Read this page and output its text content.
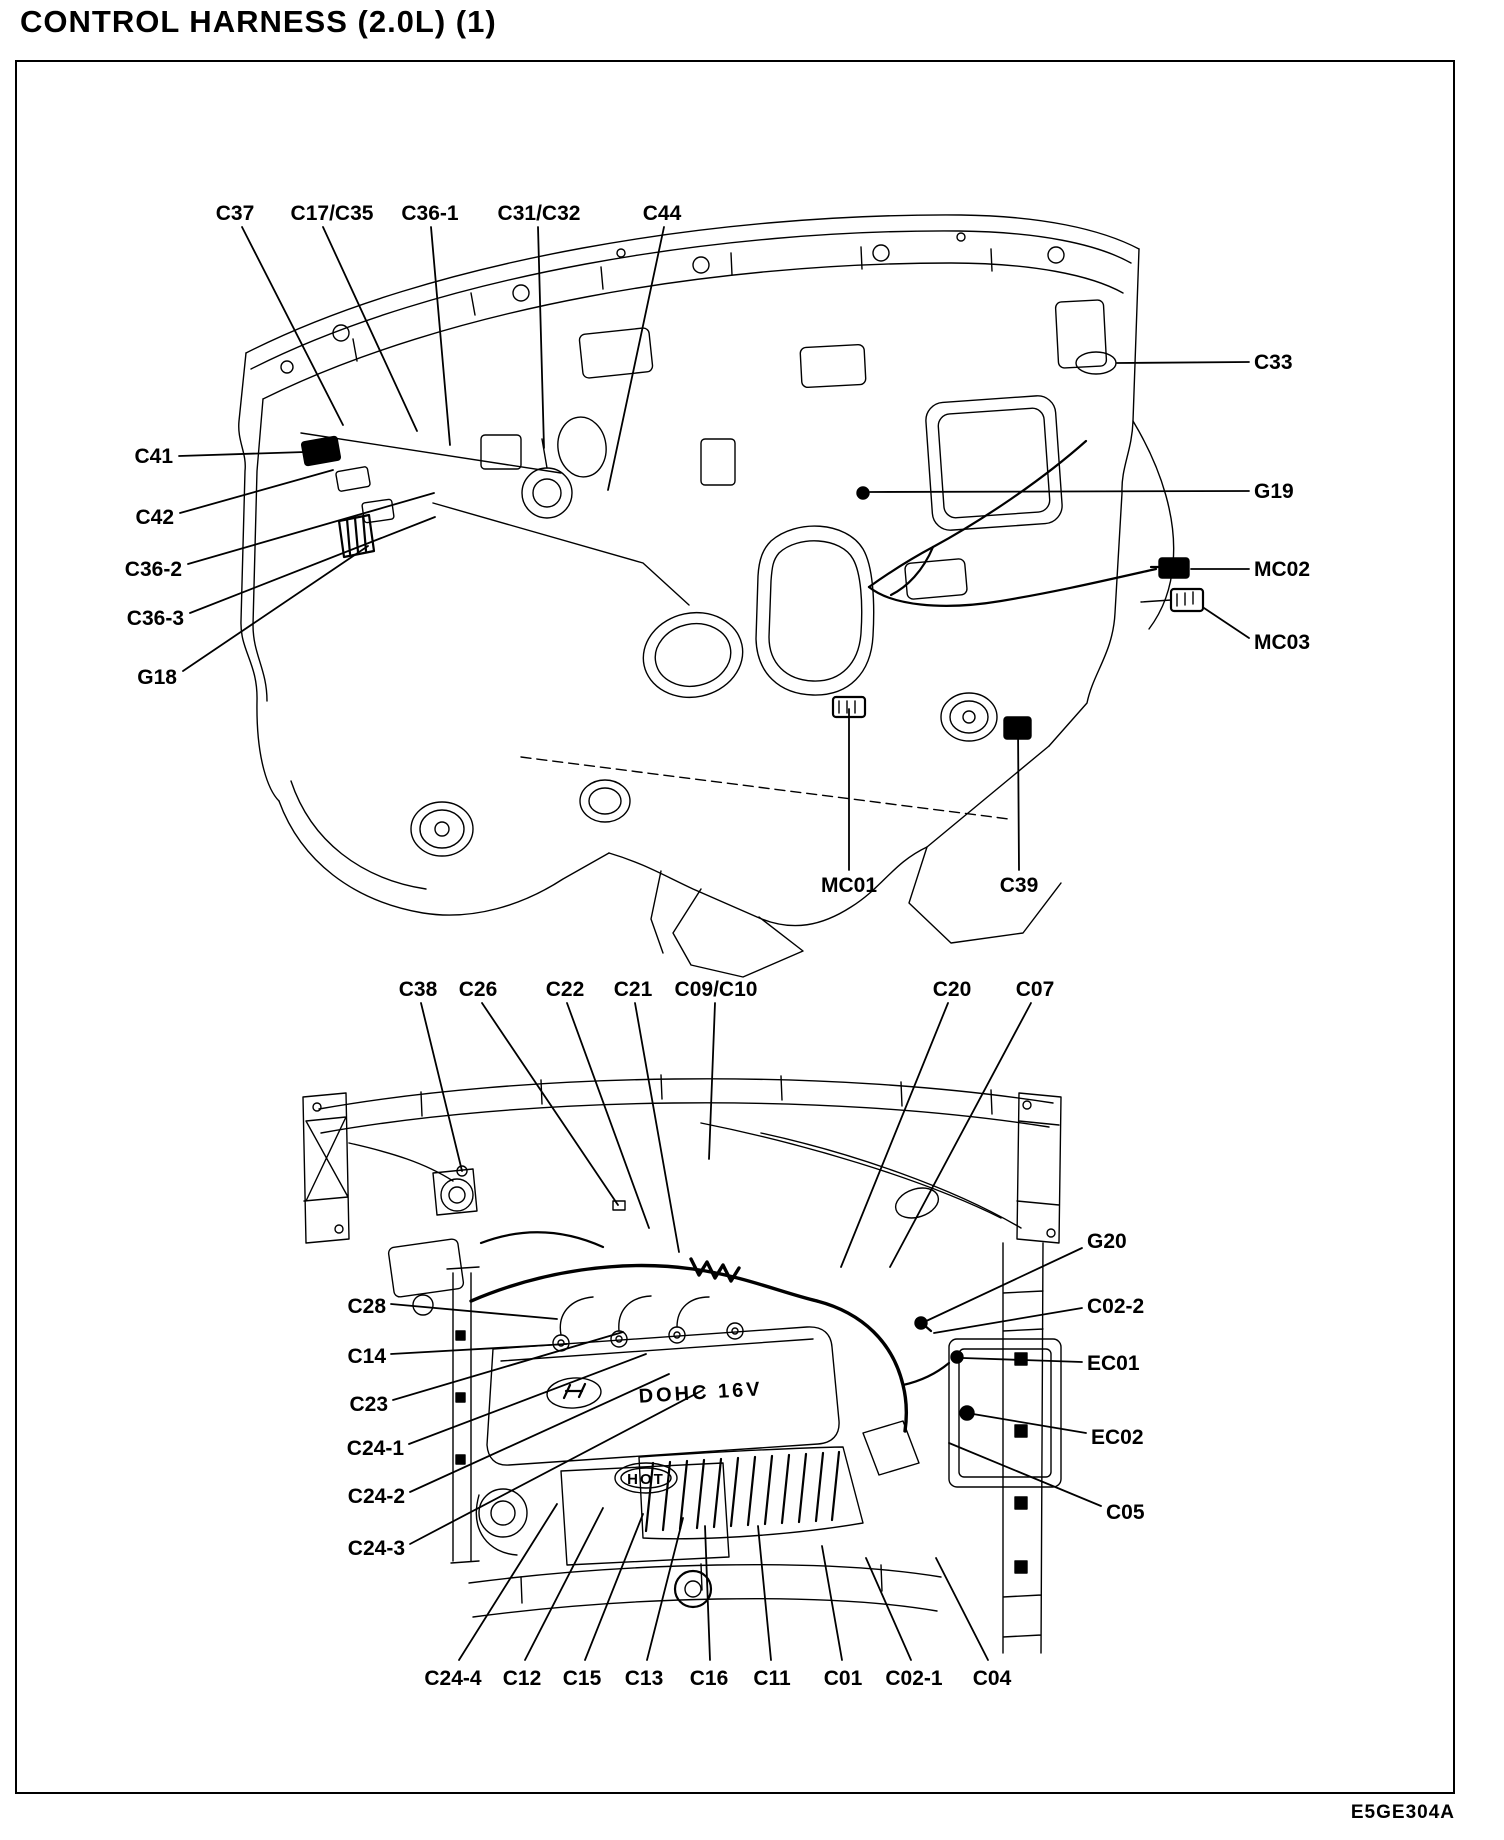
CONTROL HARNESS (2.0L) (1)
C37 C17/C35 C36-1 C31/C32	C44
C33
G19
MC02
MC03
C41
C42
C36-2
C36-3
G18
MC01	C39
C38 C26 C22 C21 C09/C10	C20 C07
G20
C02-2
EC01
EC02
C05
C28
C14
C23
C24-1
C24-2
C24-3
C24-4 C12 C15 C13 C16 C11 C01 C02-1 C04
DOHC 16V
HOT
E5GE304A
